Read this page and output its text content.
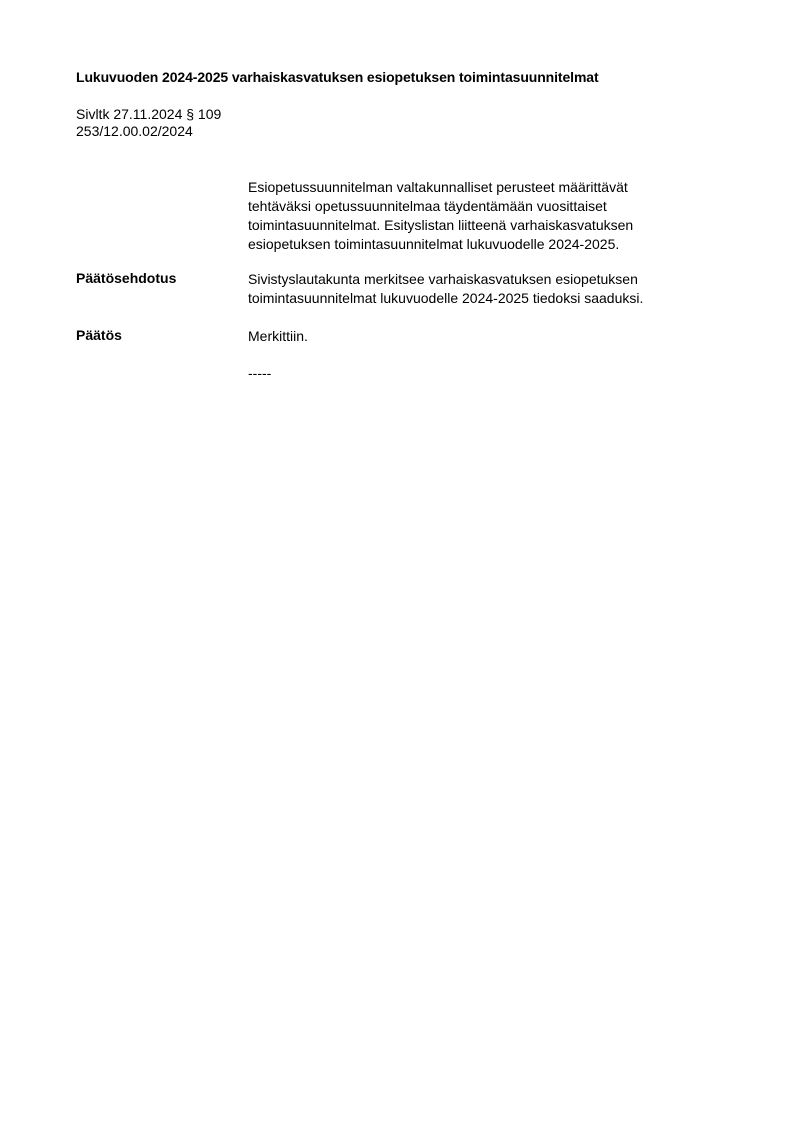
Lukuvuoden 2024-2025 varhaiskasvatuksen esiopetuksen toimintasuunnitelmat
Sivltk 27.11.2024 § 109
253/12.00.02/2024

Esiopetussuunnitelman valtakunnalliset perusteet määrittävät

tehtäväksi opetussuunnitelmaa täydentämään vuosittaiset

toimintasuunnitelmat. Esityslistan liitteenä varhaiskasvatuksen

esiopetuksen toimintasuunnitelmat lukuvuodelle 2024-2025.

Päätösehdotus	Sivistyslautakunta merkitsee varhaiskasvatuksen esiopetuksen

toimintasuunnitelmat lukuvuodelle 2024-2025 tiedoksi saaduksi.

Päätös	Merkittiin.

-----
